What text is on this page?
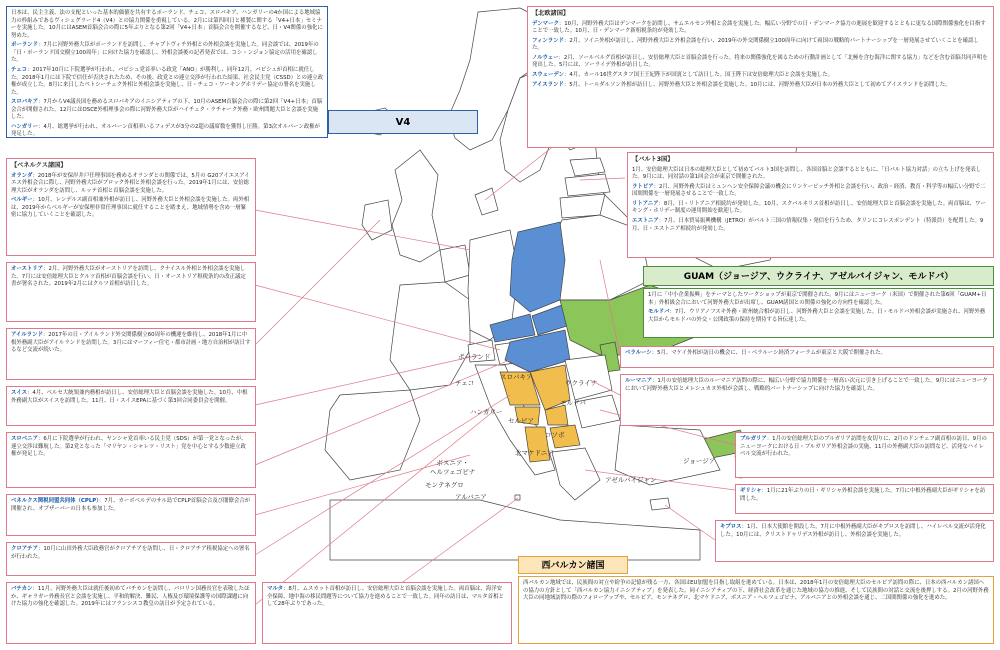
ポーランド
チェコ
スロバキア
ハンガリー
ウクライナ
モルドバ
セルビア
コソボ
ボスニア・
ヘルツェゴビナ
モンテネグロ
アルバニア
北マケドニア
ジョージア
アゼルバイジャン

日本は、民主主義、法の支配といった基本的価値を共有するポーランド、チェコ、スロバキア、ハンガリーの4か国による地域協力の枠組みであるヴィシェグラード4（V4）との協力関係を重視している。2月には第四回日と種製に関する「V4+日本」セミナーを実施した。10月にはASEM首脳会合の際に5年ぶりとなる第2回「V4+日本」首脳会合を開催するなど、日・V4関係の強化に努めた。

ポーランド：7月に河野外務大臣がポーランドを訪問し、チャプトヴィチ外相との外相会談を実施した。同会談では、2019年の「日・ポーランド国交樹立100周年」に向けた協力を確認し、外相会談後の記者発表では、コシ・ンジョン協定の活用を確認した。

チェコ：2017年10月に下院選挙が行われ、バビシュ党首率いる政党「ANO」が勝利し、同年12月、バビシュが首相に就任した。2018年1月には下院で信任が否決されたため、その後、政党との連立交渉が行われた結果、社会民主党（CSSD）との連立政権が成立した。8月に来日したペトシーチェク外相と外相会談を実施し、日・チェコ・ワーキングホリデー協定の署名を実施した。

スロバキア：7月からV4議長国を務めるスロバキアのイニシアティブの下、10月のASEM首脳会合の際に第2回「V4+日本」首脳会合が開催された。12月にはOSCE外相理事会の際に河野外務大臣がハイチェク・ラチャーク外務・欧州問題大臣と会談を実施した。

ハンガリー：4月、総選挙が行われ、オルバーン首相率いるフィデスが3分の2超の議席数を獲得し圧勝。第3次オルバーン政権が発足した。

V4

【北欧諸国】

デンマーク：10月、河野外務大臣はデンマークを訪問し、サムエルセン外相と会談を実施した。幅広い分野での日・デンマーク協力の進展を歓迎するとともに更なる国際関係強化を目指すことで一致した。10月、日・デンマーク新租税条約が発効した。

フィンランド：2月、ソイニ外相が訪日し、河野外務大臣と外相会談を行い、2019年の外交関係樹立100周年に向けて両国の戦略的パートナーシップを一層発展させていくことを確認した。

ノルウェー：2月、ソールベルグ首相が訪日し、安倍総理大臣と首脳会談を行った。将来の関係強化を図るための行動計画として「北極を含む海洋に関する協力」などを含む首脳共同声明を発出した。5月には、ソーライデ外相が訪日した。

スウェーデン：4月、カール16世グスタフ国王王妃陛下が国賓として訪日した。国王陛下は安倍総理大臣と会談を実施した。

アイスランド：5月、トールダルソン外相が訪日し、河野外務大臣と外相会談を実施した。10月には、河野外務大臣が日本の外務大臣として初めてアイスランドを訪問した。

【バルト3国】

1月、安倍総理大臣は日本の総理大臣として初めてバルト3国を訪問し、各国首脳と会談するとともに、「日バルト協力対話」の立ち上げを発表した。9月には、同対話の第1回会合が東京で開催された。

ラトビア：2月、河野外務大臣はミュンヘン安全保障会議の機会にリンケービッチ外相と会談を行い、政治・経済、教育・科学等の幅広い分野で二国間関係を一層発展させることで一致した。

リトアニア：8月、日・リトアニア相続約が発効した。10月、スクバルネリス首相が訪日し、安倍総理大臣と首脳会談を実施した。両首脳は、ワーキング・ホリデー制度の運用開始を歓迎した。

エストニア：7月、日本貿易振興機構（JETRO）がバルト三国の情報収集・発信を行うため、タリンにコレスポンデント（特派員）を配置した。9月、日・エストニア相続約が発効した。

GUAM（ジョージア、ウクライナ、アゼルバイジャン、モルドバ）

1月に「中小企業振興」をテーマとしたワークショップが東京で開催された。9月にはニューヨーク（米国）で開催された第6回「GUAM+日本」外相級会合において河野外務大臣が出席し、GUAM諸国との関係の強化の方向性を確認した。

モルドバ：7月、ウリアノフスキ外務・欧州統合相が訪日し、河野外務大臣と会談を実施した。日・モルドバ外相会談が実施され、河野外務大臣からモルドバの外交・公開政策の保持を期待する旨伝達した。

【ベネルクス諸国】

オランダ：2018年が安保岸井戸任理事国を務めるオランダとの関係では、5月の G20アイエスアイエス外相会合に際し、河野外務大臣がブロック外相と外相会談を行った。2019年1月には、安倍総理大臣がオランダを訪問し、ルッテ首相と首脳会談を実施した。

ベルギー：10月、レンデルス副首相兼外相が訪日し、河野外務大臣と外相会談を実施した。両外相は、2019年からベルギーが安保理非常任理事国に就任することを踏まえ、地域情勢を含め一層緊密に協力していくことを確認した。

オーストリア：2月、河野外務大臣がオーストリアを訪問し、クナイスル外相と外相会談を実施した。7月には安倍総理大臣とクルツ首相が首脳会談を行い、日・オーストリア租税条約の改正議定書が署名された。2019年2月にはクルツ首相が訪日した。
アイルランド：2017年の日・アイルランド外交関係樹立60周年の機運を維持し、2018年1月に中根外務副大臣がアイルランドを訪問した。3月にはマーフィー住宅・都市計画・地方自治相が訪日するなど交流が続いた。
スイス：4月、ベルセ大統領兼内務相が訪日し、安倍総理大臣と首脳会談を実施した。10月、中根外務副大臣がスイスを訪問した。11月、日・スイスEPAに基づく第3回合同委員会を開催。
スロベニア：6月に下院選挙が行われ、ヤンシャ党首率いる民主党（SDS）が第一党となったが、連立交渉は難航した。第2党となった「マリヤン・シャレツ・リスト」党を中心とする少数連立政権が発足した。
ベネルクス関税同盟共同体（CPLP）：7月、カーボベルデのサル島でCPLP首脳会合及び閣僚会合が開催され、オブザーバーの日本も参加した。
クロアチア：10月に山田外務大臣政務官がクロアチアを訪問し、日・クロアチア租税協定への署名が行われた。
バチカン：11月、河野外務大臣は就任後初めてバチカンを訪問し、パロリン国務長官を表敬したほか、ギャラガー外務長官と会談を実施し、平和的解決、難民、人権及び環境保護等の国際課題に向けた協力の強化を確認した。2019年にはフランシスコ教皇の訪日が予定されている。
マルタ：8月、ムスカット首相が訪日し、安倍総理大臣と首脳会談を実施した。両首脳は、海洋安全保障、地中海の移民問題等について協力を進めることで一致した。同年の訪日は、マルタ首相として28年ぶりであった。
ベラルーシ：5月、マケイ外相が訪日の機会に、日・ベラルーシ経済フォーラムが東京と大阪で開催された。
ルーマニア：1月の安倍総理大臣のルーマニア訪問の際に、幅広い分野で協力関係を一層高い次元に引き上げることで一致した。9月にはニューヨークにおいて河野外務大臣とメレシュカヌ外相が会談し、戦略的パートナーシップに向けた協力を確認した。
ブルガリア：1月の安倍総理大臣のブルガリア訪問を皮切りに、2月のドンチェフ副首相の訪日、9月のニューヨークにおける日・ブルガリア外相会談の実施、11月の外務副大臣の訪問など、活発なハイレベル交流が行われた。
ギリシャ：1月に21年ぶりの日・ギリシャ外相会談を実施した。7月に中根外務副大臣がギリシャを訪問した。
キプロス：1月、日本大使館を開設した。7月に中根外務副大臣がキプロスを訪問し、ハイレベル交流が活発化した。10月には、クリストドゥリデス外相が訪日し、外相会談を実施した。
西バルカン諸国
西バルカン地域では、民族間の対立や紛争の記憶が残る一方、各国はEU加盟を目指し取組を進めている。日本は、2018年1月の安倍総理大臣のセルビア訪問の際に、日本の西バルカン諸国への協力の方針として「西バルカン協力イニシアティブ」を発表した。同イニシアティブの下、経済社会改革を通じた地域の協力の推進、そして民族間の対話と交流を後押しする。2月の河野外務大臣の同地域訪問の際のフォローアップや、セルビア、モンテネグロ、北マケドニア、ボスニア・ヘルツェゴビナ、アルバニアとの外相会談を通じ、二国間関係の強化を進めた。
